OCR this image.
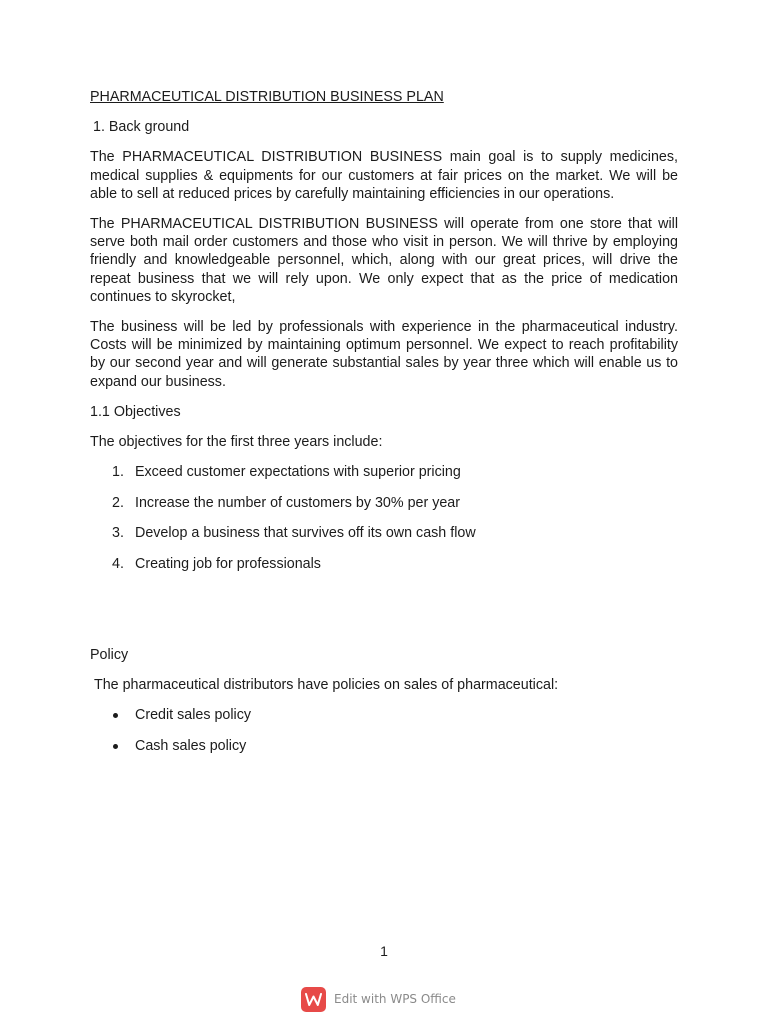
PHARMACEUTICAL DISTRIBUTION BUSINESS PLAN
1. Back ground

The PHARMACEUTICAL DISTRIBUTION BUSINESS main goal is to supply medicines, medical supplies & equipments for our customers at fair prices on the market. We will be able to sell at reduced prices by carefully maintaining efficiencies in our operations.

The PHARMACEUTICAL DISTRIBUTION BUSINESS will operate from one store that will serve both mail order customers and those who visit in person. We will thrive by employing friendly and knowledgeable personnel, which, along with our great prices, will drive the repeat business that we will rely upon. We only expect that as the price of medication continues to skyrocket,

The business will be led by professionals with experience in the pharmaceutical industry. Costs will be minimized by maintaining optimum personnel. We expect to reach profitability by our second year and will generate substantial sales by year three which will enable us to expand our business.

1.1 Objectives
The objectives for the first three years include:
1. Exceed customer expectations with superior pricing
2. Increase the number of customers by 30% per year
3. Develop a business that survives off its own cash flow
4. Creating job for professionals
Policy
The pharmaceutical distributors have policies on sales of pharmaceutical:
Credit sales policy
Cash sales policy
1
Edit with WPS Office
